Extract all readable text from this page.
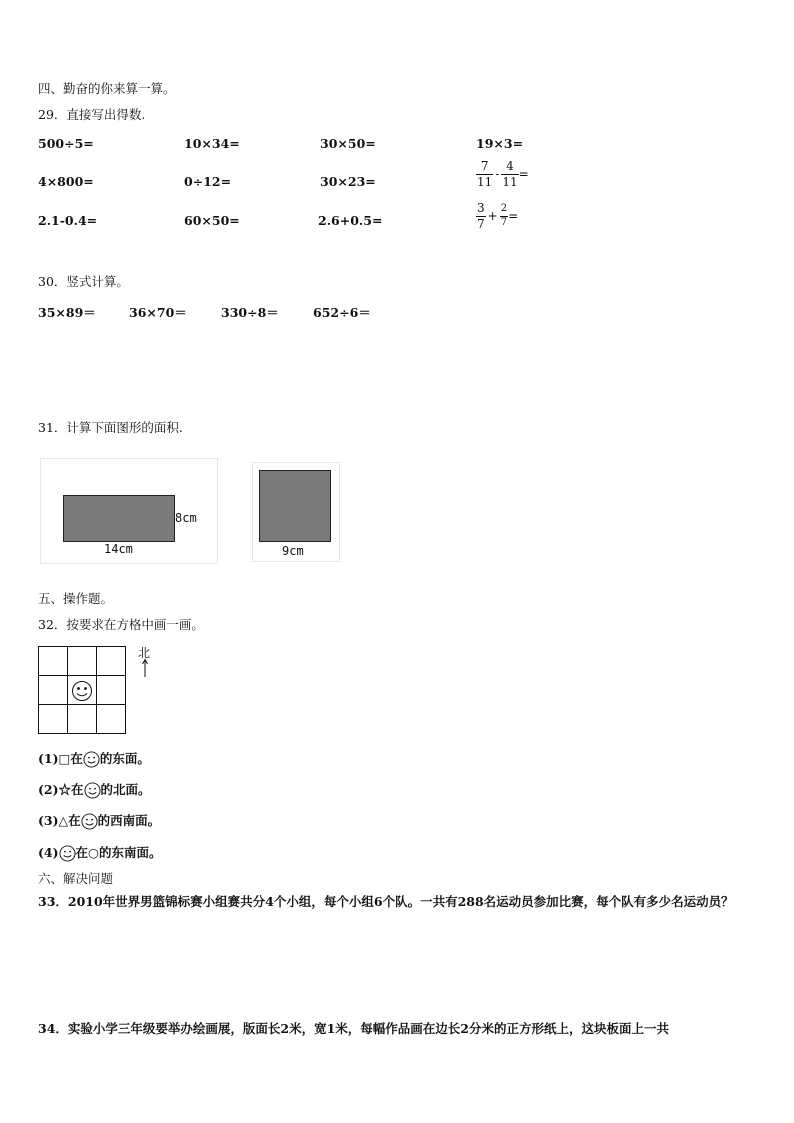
四、勤奋的你来算一算。
29．直接写出得数.
500÷5=	10×34=	30×50=	19×3=
4×800=	0÷12=	30×23=	$\frac{7}{11} - \frac{4}{11}$ =
2.1-0.4=	60×50=	2.6+0.5=	$\frac{3}{7} + \frac{2}{7}$ =
30．竖式计算。
35×89＝	36×70＝	330÷8＝	652÷6＝
31．计算下面图形的面积.
8cm
14cm	9cm
五、操作题。
32．按要求在方格中画一画。
北
(1)□在 的东面。
(2)☆在 的北面。
(3)△在 的西南面。
(4) 在○的东南面。
六、解决问题
33．2010年世界男篮锦标赛小组赛共分4个小组，每个小组6个队。一共有288名运动员参加比赛，每个队有多少名运动员？
34．实验小学三年级要举办绘画展，版面长2米，宽1米，每幅作品画在边长2分米的正方形纸上，这块板面上一共
